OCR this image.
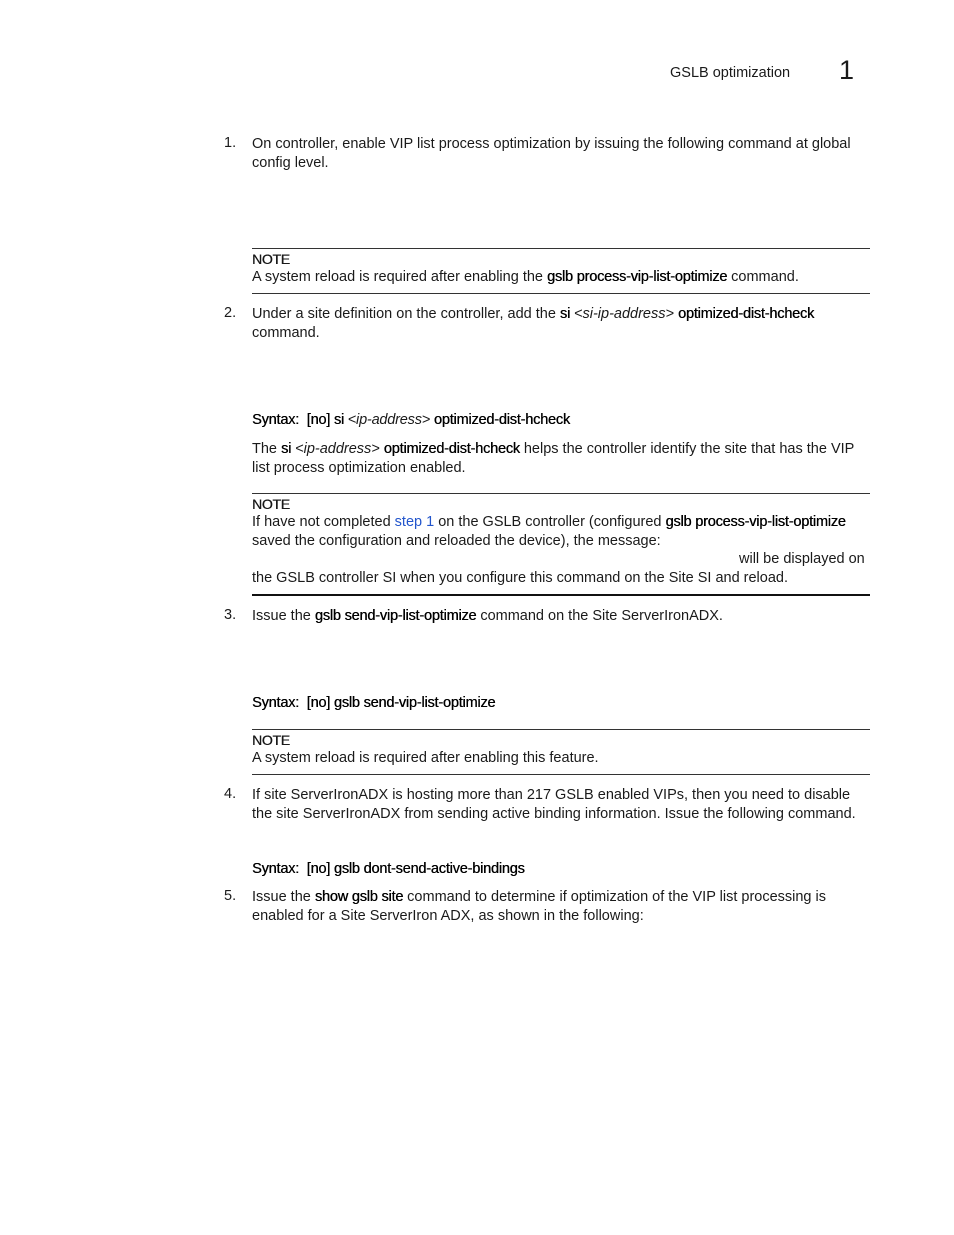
GSLB optimization 1
1. On controller, enable VIP list process optimization by issuing the following command at global config level.
NOTE
A system reload is required after enabling the gslb process-vip-list-optimize command.
2. Under a site definition on the controller, add the si <si-ip-address> optimized-dist-hcheck
command.
Syntax: [no] si <ip-address> optimized-dist-hcheck
The si <ip-address> optimized-dist-hcheck helps the controller identify the site that has the VIP list process optimization enabled.
NOTE
If have not completed step 1 on the GSLB controller (configured gslb process-vip-list-optimize
saved the configuration and reloaded the device), the message:
will be displayed on
the GSLB controller SI when you configure this command on the Site SI and reload.
3. Issue the gslb send-vip-list-optimize command on the Site ServerIronADX.
Syntax: [no] gslb send-vip-list-optimize
NOTE
A system reload is required after enabling this feature.
4. If site ServerIronADX is hosting more than 217 GSLB enabled VIPs, then you need to disable the site ServerIronADX from sending active binding information. Issue the following command.
Syntax: [no] gslb dont-send-active-bindings
5. Issue the show gslb site command to determine if optimization of the VIP list processing is enabled for a Site ServerIron ADX, as shown in the following:
